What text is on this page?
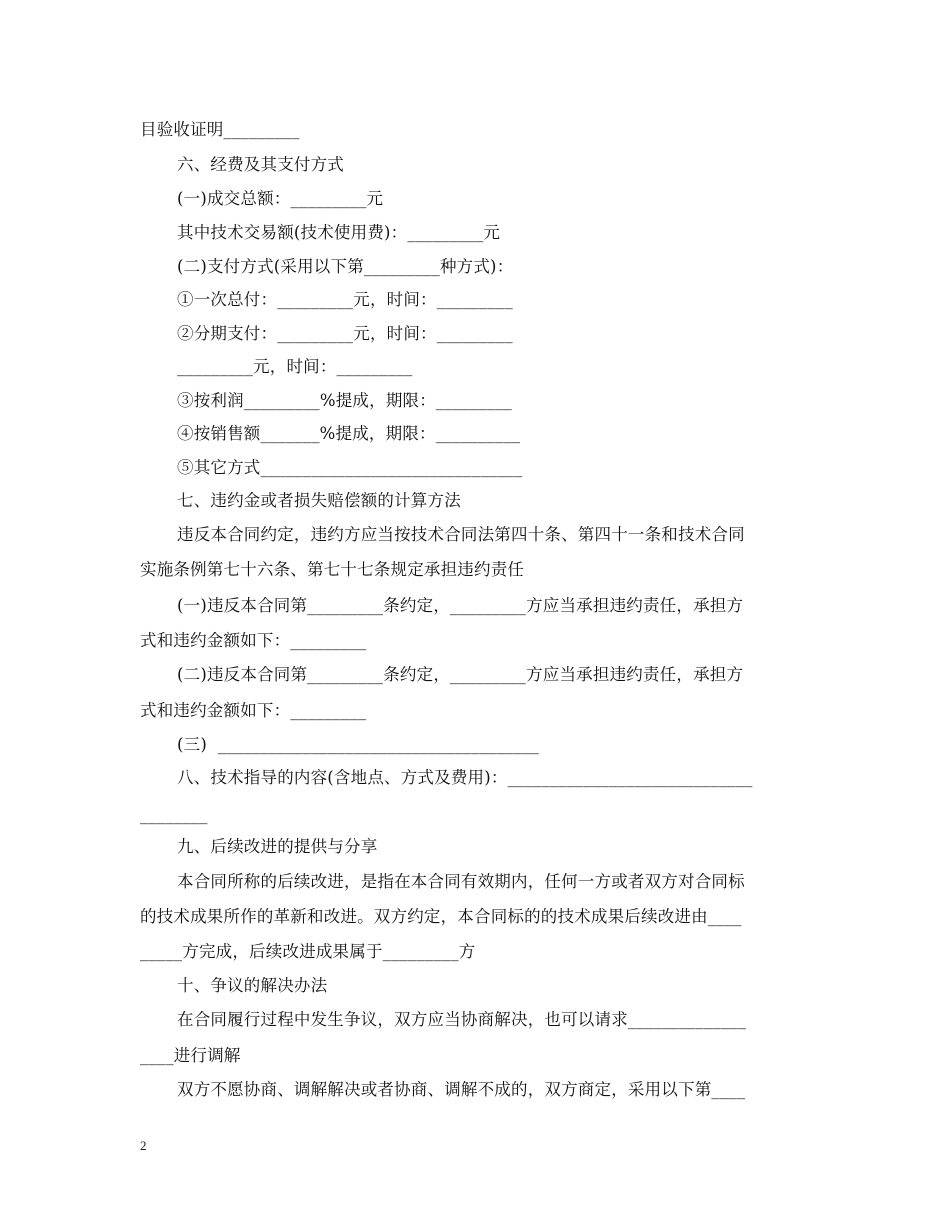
目验收证明_________
六、经费及其支付方式
(一)成交总额：_________元
其中技术交易额(技术使用费)：_________元
(二)支付方式(采用以下第_________种方式)：
①一次总付：_________元，时间：_________
②分期支付：_________元，时间：_________
_________元，时间：_________
③按利润_________%提成，期限：_________
④按销售额_______%提成，期限：__________
⑤其它方式_______________________________
七、违约金或者损失赔偿额的计算方法
违反本合同约定，违约方应当按技术合同法第四十条、第四十一条和技术合同
实施条例第七十六条、第七十七条规定承担违约责任
(一)违反本合同第_________条约定，_________方应当承担违约责任，承担方
式和违约金额如下：_________
(二)违反本合同第_________条约定，_________方应当承担违约责任，承担方
式和违约金额如下：_________
(三)  ______________________________________
八、技术指导的内容(含地点、方式及费用)：_____________________________
________
九、后续改进的提供与分享
本合同所称的后续改进，是指在本合同有效期内，任何一方或者双方对合同标
的技术成果所作的革新和改进。双方约定，本合同标的的技术成果后续改进由____
_____方完成，后续改进成果属于_________方
十、争议的解决办法
在合同履行过程中发生争议，双方应当协商解决，也可以请求______________
____进行调解
双方不愿协商、调解解决或者协商、调解不成的，双方商定，采用以下第____
2
